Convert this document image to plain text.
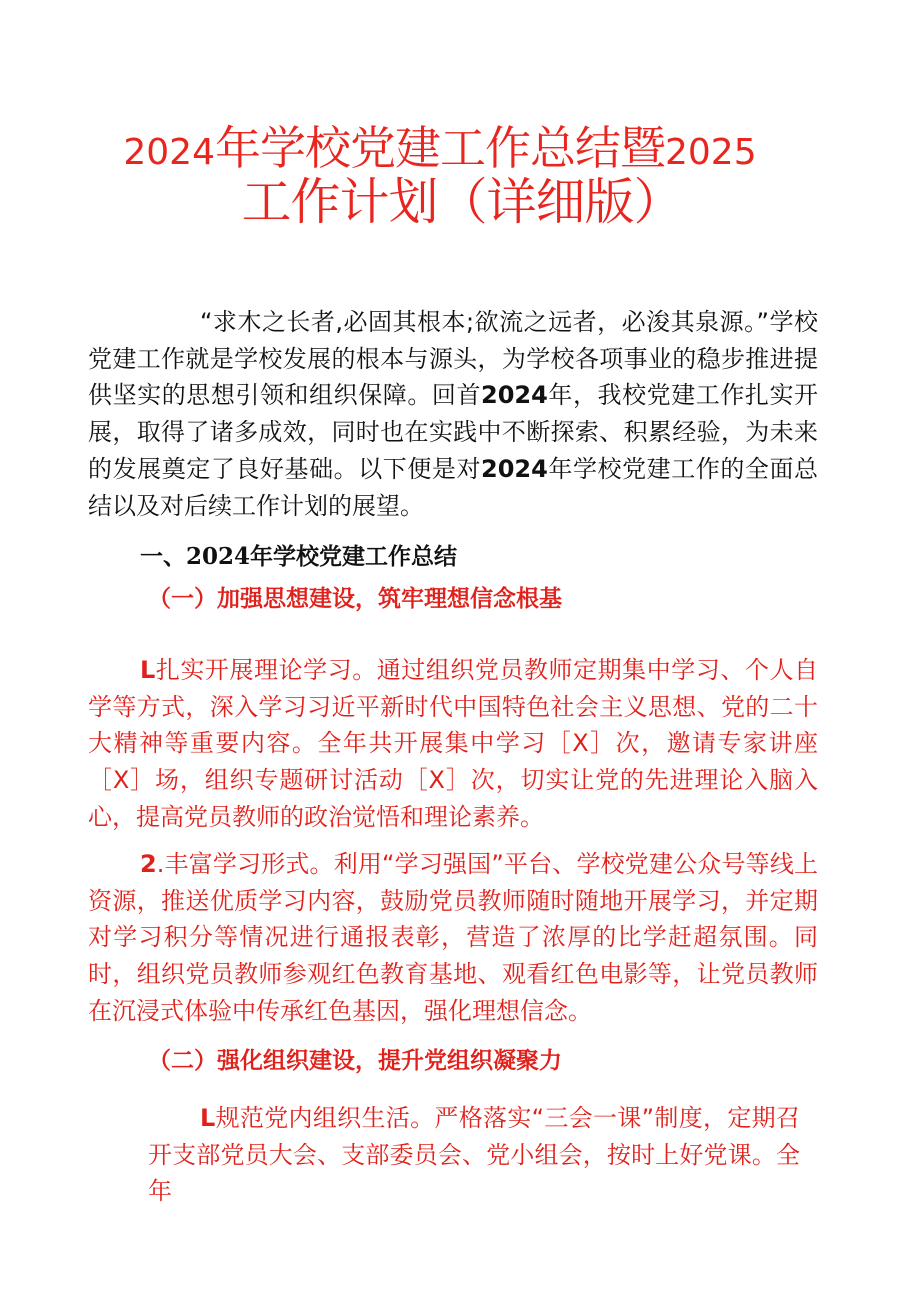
2024年学校党建工作总结暨2025
工作计划（详细版）
“求木之长者,必固其根本;欲流之远者，必浚其泉源。”学校党建工作就是学校发展的根本与源头，为学校各项事业的稳步推进提供坚实的思想引领和组织保障。回首2024年，我校党建工作扎实开展，取得了诸多成效，同时也在实践中不断探索、积累经验，为未来的发展奠定了良好基础。以下便是对2024年学校党建工作的全面总结以及对后续工作计划的展望。
一、2024年学校党建工作总结
（一）加强思想建设，筑牢理想信念根基
L扎实开展理论学习。通过组织党员教师定期集中学习、个人自学等方式，深入学习习近平新时代中国特色社会主义思想、党的二十大精神等重要内容。全年共开展集中学习［X］次，邀请专家讲座［X］场，组织专题研讨活动［X］次，切实让党的先进理论入脑入心，提高党员教师的政治觉悟和理论素养。
2.丰富学习形式。利用“学习强国”平台、学校党建公众号等线上资源，推送优质学习内容，鼓励党员教师随时随地开展学习，并定期对学习积分等情况进行通报表彰，营造了浓厚的比学赶超氛围。同时，组织党员教师参观红色教育基地、观看红色电影等，让党员教师在沉浸式体验中传承红色基因，强化理想信念。
（二）强化组织建设，提升党组织凝聚力
L规范党内组织生活。严格落实“三会一课”制度，定期召开支部党员大会、支部委员会、党小组会，按时上好党课。全年
